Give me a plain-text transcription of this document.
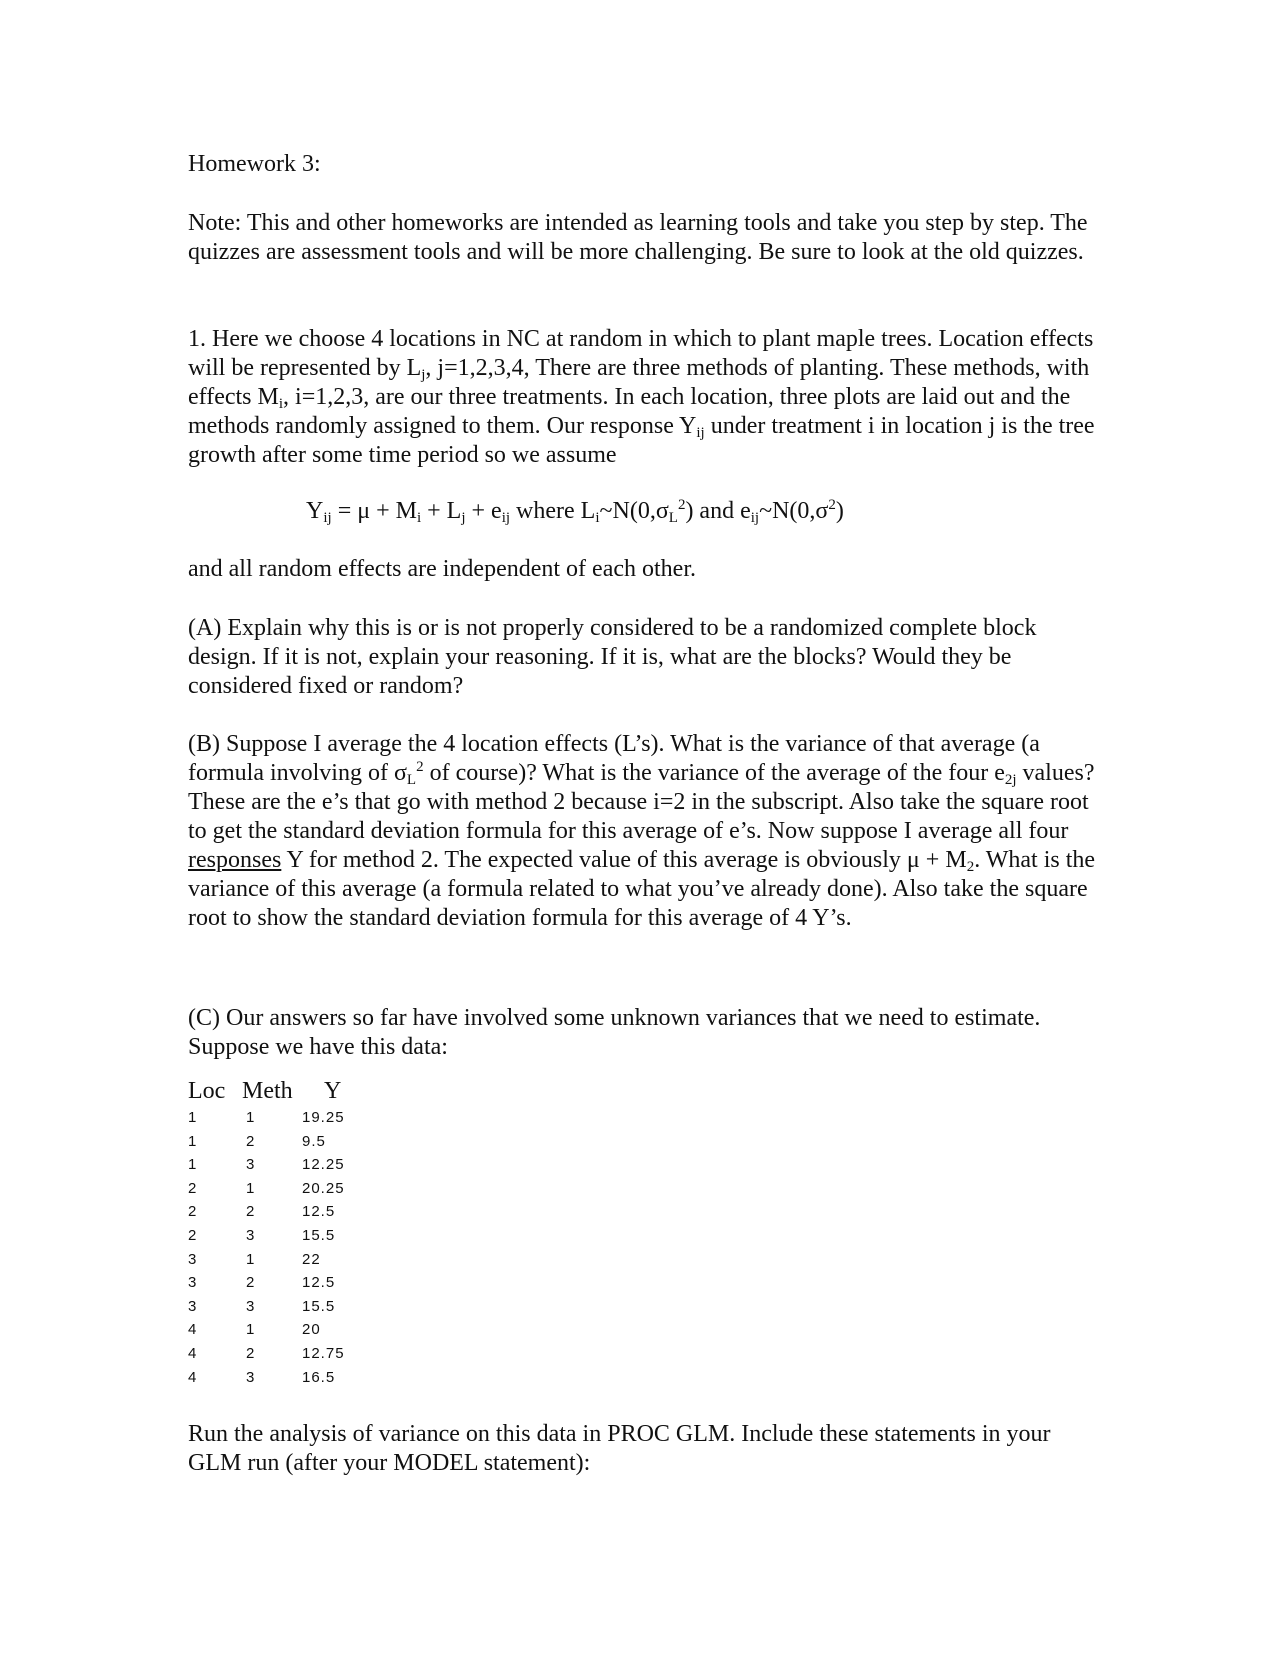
Homework 3:

Note: This and other homeworks are intended as learning tools and take you step by step. The quizzes are assessment tools and will be more challenging. Be sure to look at the old quizzes.

1. Here we choose 4 locations in NC at random in which to plant maple trees. Location effects will be represented by $L_j$, j=1,2,3,4, There are three methods of planting. These methods, with effects $M_i$, i=1,2,3, are our three treatments. In each location, three plots are laid out and the methods randomly assigned to them. Our response $Y_{ij}$ under treatment i in location j is the tree growth after some time period so we assume

$Y_{ij} = \mu + M_i + L_j + e_{ij}$ where $L_i\sim N(0,\sigma_L^2)$ and $e_{ij}\sim N(0,\sigma^2)$

and all random effects are independent of each other.

(A) Explain why this is or is not properly considered to be a randomized complete block design. If it is not, explain your reasoning. If it is, what are the blocks? Would they be considered fixed or random?

(B) Suppose I average the 4 location effects (L’s). What is the variance of that average (a formula involving of $\sigma_L^2$ of course)? What is the variance of the average of the four $e_{2j}$ values? These are the e’s that go with method 2 because i=2 in the subscript. Also take the square root to get the standard deviation formula for this average of e’s. Now suppose I average all four responses Y for method 2. The expected value of this average is obviously $\mu + M_2$. What is the variance of this average (a formula related to what you’ve already done). Also take the square root to show the standard deviation formula for this average of 4 Y’s.

(C) Our answers so far have involved some unknown variances that we need to estimate. Suppose we have this data:

Loc	Meth	Y
1	1	19.25
1	2	9.5
1	3	12.25
2	1	20.25
2	2	12.5
2	3	15.5
3	1	22
3	2	12.5
3	3	15.5
4	1	20
4	2	12.75
4	3	16.5

Run the analysis of variance on this data in PROC GLM. Include these statements in your GLM run (after your MODEL statement):
